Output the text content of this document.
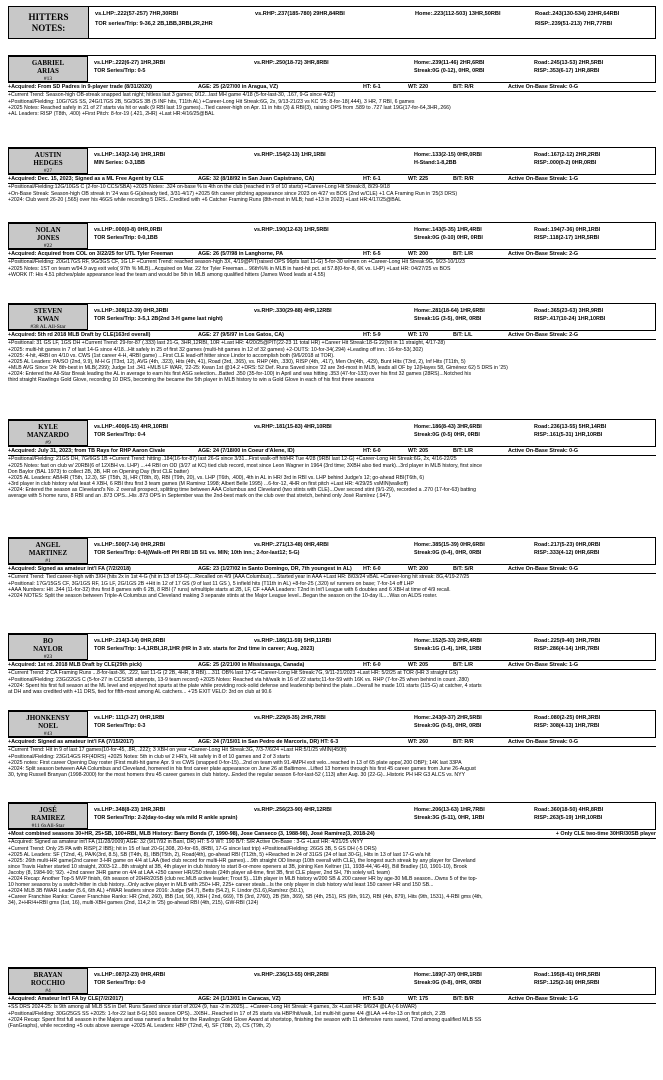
HITTERS
NOTES:
vs.LHP:.222(57-257) 7HR,30RBI	vs.RHP:.237(185-780) 29HR,84RBI	Home:.223(112-503) 13HR,50RBI	Road:.243(130-534) 23HR,64RBI
TOR series/Trip: 9-36,2 2B,1BB,3RBI,2R,2HR	RISP:.239(51-213) 7HR,77RBI
GABRIEL
ARIAS
#13
vs.LHP:.222(6-27) 1HR,3RBI	vs.RHP:.250(18-72) 3HR,8RBI	Home:.239(11-46) 2HR,6RBI	Road:.245(13-53) 2HR,5RBI
TOR Series/Trip: 0-5	Streak:0G (0-12), 0HR, 0RBI	RISP:.353(6-17) 1HR,8RBI
+Acquired: From SD Padres in 9-player trade (8/31/2020)	AGE: 25 (2/27/00 in Aragua, VZ)	HT: 6-1	WT: 220	B/T: R/R	Active On-Base Streak: 0-G
+Current Trend: Season-high OB-streak snapped last night; hitless last 3 games; 0/12...last MH game 4/18 (5-for-last-30, .167, 9-G since 4/22)
+Positional/Fielding: 10G/7GS SS, 24G/17GS 2B, 5G/3GS 3B (5 INF hits, T11th AL) +Career-Long Hit Streak:6G, 2x, 9/13-21/23 vs KC '25: 8-for-18(.444), 3 HR, 7 RBI, 6 games
+2025 Notes: Reached safely in 21 of 27 starts via hit or walk (9 RBI last 19 games)...Tied career-high on Apr. 11 in hits (3) & RBI(3), raising OPS from .589 to .727 last 19G(17-for-64,3HR,.266)
+AL Leaders: RISP (T8th, .400) +First Pitch: 8-for-19 (.421, 2HR) +Last HR:4/16/25@BAL
AUSTIN
HEDGES
#27
vs.LHP:.143(2-14) 1HR,1RBI	vs.RHP:.154(2-13) 1HR,1RBI	Home:.133(2-15) 0HR,0RBI	Road:.167(2-12) 2HR,2RBI
MIN Series: 0-3,1BB	H-Stand:1-8,2BB	RISP:.000(0-2) 0HR,0RBI
+Acquired: Dec. 15, 2023; Signed as a ML Free Agent by CLE	AGE: 32 (8/18/92 in San Juan Capistrano, CA)	HT: 6-1	WT: 225	B/T: R/R	Active On-Base Streak: 1-G
+Positional/Fielding:12G/10GS C (2-for-10 CCS/SBA) +2025 Notes: .324 on-base % is 4th on the club (reached in 9 of 10 starts) +Career-Long Hit Streak:8, 8/29-9/18
+On-Base Streak: Season-high OB streak in '24 was 6-G(already tied, 3/31-4/17) +2025 6th career pitching appearance since 2023 on 4/27 vs BOS (2nd w/CLE) +1 CA Framing Run in '25(3 DRS)
+2024: Club went 26-20 (.565) over his 46GS while recording 5 DRS...Credited with +6 Catcher Framing Runs (8th-most in MLB; had +13 in 2023) +Last HR:4/17/25@BAL
NOLAN
JONES
#22
vs.LHP:.000(0-8) 0HR,0RBI	vs.RHP:.190(12-63) 1HR,5RBI	Home:.143(5-35) 1HR,4RBI	Road:.194(7-36) 0HR,1RBI
TOR Series/Trip: 0-0,1BB	Streak:0G (0-10) 0HR, 0RBI	RISP:.118(2-17) 1HR,5RBI
+Acquired: Acquired from COL on 3/22/25 for UTL Tyler Freeman	AGE: 26 (5/7/98 in Langhorne, PA	HT: 6-5	WT: 200	B/T: L/R	Active On-Base Streak: 2-G
+Positional/Fielding: 20G/17GS RF, 9G/3GS CF, 1G LF +Current Trend: reached season-high 3X, 4/19@PIT(raised OPS 96pts last 11-G) 5-for-30 w/men on +Career-Long Hit Streak:9G, 9/23-10/1/23
+2025 Notes: 1ST on team w/94.9 avg exit velo( 97th % MLB)...Acquired on Mar. 22 for Tyler Freeman... 96th%% in MLB in hard-hit pct. at 57.8(0-for-8, 6K vs. LHP) +Last HR: 04/27/25 vs BOS
+WORK IT: His 4.51 pitches/plate appearance lead the team and would be 5th in MLB among qualified hitters (James Wood leads at 4.55)
STEVEN
KWAN
#38 AL All-Star
vs.LHP:.308(12-39) 0HR,3RBI	vs.RHP:.330(29-88) 4HR,12RBI	Home:.281(18-64) 1HR,6RBI	Road:.365(23-63) 3HR,9RBI
TOR Series/Trip: 3-5,1 2B(2nd 3-H game last night)	Streak:1G (3-5), 0HR, 0RBI	RISP:.417(10-24) 1HR,10RBI
+Acquired: 5th rd 2018 MLB Draft by CLE(163rd overall)	AGE: 27 (9/5/97 in Los Gatos, CA)	HT: 5-9	WT: 170	B/T: L/L	Active On-Base Streak: 2-G
+Positional: 31 GS LF, 1GS DH +Current Trend: 29-for-87 (.333) last 21-G, 3HR,12RBI, 10R +Last HR: 4/20/25@PIT(22-23 11 total HR) +Career Hit Streak:18-G 22(hit in 11 straight, 4/17-28)
+2025: multi-hit games in 7 of last 14-G since 4/18...Hit safely in 25 of first 32 games (multi-hit games in 12 of 32 games) +2-OUTS: 10-for-34(.294) +Leading off inn.: 16-for-53(.302)
+2025: 4-hit, 4RBI on 4/10 vs. CWS (1st career 4-H, 4RBI game) ...First CLE lead-off hitter since Lindor to accomplish both (9/6/2018 at TOR).
+2025 AL Leaders: PA/SO (2nd, 9.9), M-H G (T3rd, 12), AVG (4th, .323), Hits (4th, 41), Road (3rd, .365), vs. RHP (4th, .330), RISP (4th, .417), Men On(4th, .429), Bunt Hits (T3rd, 2), Inf Hits (T11th, 5)
+MLB AVG Since '24: 8th-best in MLB(.299); Judge 1st .341 +MLB LF WAR, '22-25: Kwan 1st @14.2 +DRS: 52 Def. Runs Saved since '22 are 3rd-most in MLB, leads all OF by 12(Hayes 58, Giménez 62) 5 DRS in '25)
+2024: Entered the All-Star Break leading the AL in average to earn his first ASG selection...Batted .350 (35-for-100) in April and was hitting .353 (47-for-133) over his first 32 games (28RS)...Notched his
third straight Rawlings Gold Glove, recording 10 DRS, becoming the became the 5th player in MLB history to win a Gold Glove in each of his first three seasons
KYLE
MANZARDO
#9
vs.LHP:.400(6-15) 4HR,10RBI	vs.RHP:.181(15-83) 4HR,10RBI	Home:.186(8-43) 3HR,6RBI	Road:.236(13-55) 5HR,14RBI
TOR Series/Trip: 0-4	Streak:0G (0-5) 0HR, 0RBI	RISP:.161(5-31) 1HR,10RBI
+Acquired: July 31, 2023; from TB Rays for RHP Aaron Civale	AGE: 24 (7/18/00 in Coeur d'Alene, ID)	HT: 6-0	WT: 205	B/T: L/R	Active On-Base Streak: 0-G
+Positional/Fielding: 21GS DH, 7G/6GS 1B +Current Trend: hitting .184(16-for-87) last 26-G since 3/31...First walk-off hit/HR Tue 4/28 (9RBI last 12-G) +Career-Long Hit Streak:6G, 2x, 4/16-22/25
+2025 Notes: fast on club w/ 20RBI(6 of 12XBH vs. LHP) ...+4 RBI on OD (3/27 at KC) tied club record, most since Leon Wagner in 1964 (3rd time; 3XBH also tied mark)...3rd player in MLB history, first since
Don Baylor (BAL 1973) to collect 2B, 3B, HR on Opening Day (first CLE batter)
+2025 AL Leaders: AB/HR (T5th, 12.3), SF (T5th, 3), HR (T8th, 8), RBI (T9th, 20), vs. LHP (T6th, .400), 4th in AL in HR/ 3rd in RBI vs. LHP behind Judge's 12; go-ahead RBI(T6th, 6)
+3rd player in club history w/at least 4 XBH, 6 RBI thru first 3 team games (M Ramirez 1998; Albert Belle 1995) ...6-for-12, 4HR on first pitch +Last HR: 4/29/25 vsMIN(walkoff)
+2024: Entered the season as Cleveland's No. 2 overall prospect, splitting time between AAA Columbus and Cleveland (two stints with CLE)...Over second stint (9/1-29), recorded a .270 (17-for-63) batting
average with 5 home runs, 8 RBI and an .873 OPS...His .873 OPS in September was the 2nd-best mark on the club over that stretch, behind only José Ramírez (.947).
ANGEL
MARTINEZ
#1
vs.LHP:.500(7-14) 0HR,2RBI	vs.RHP:.271(13-48) 0HR,4RBI	Home:.385(15-39) 0HR,6RBI	Road:.217(5-23) 0HR,0RBI
TOR Series/Trip: 0-4((Walk-off PH RBI 1B 5/1 vs. MIN; 10th inn.; 2-for-last12; 5-G)	Streak:0G (0-4), 0HR, 0RBI	RISP:.333(4-12) 0HR,6RBI
+Acquired: Signed as amateur int'l FA (7/2/2018)	AGE: 23 (1/27/02 in Santo Domingo, DR, 7th youngest in AL)	HT: 6-0	WT: 200	B/T: S/R	Active On-Base Streak: 0-G
+Current Trend: Tied career-high with 3XH (hits 2x in 1st 4-G (hit in 13 of 19-G)....Recalled on 4/9 (AAA Columbus)....Started year in AAA +Last HR: 8/03/24 vBAL +Career-long hit streak: 8G,4/19-27/25
+Positional: 17G/15GS CF, 3G/1GS RF, 1G LF, 2G/1GS 2B +Hit in 12 of 17 GS (9 of last 11 GS ), 5 infield hits (T11th in AL) +8-for-25 (.320) w/ runners on base; 7-for-14 off LHP
+AAA Numbers: Hit .344 (11-for-32) thru first 8 games with 6 2B, 8 RBI (7 runs) w/multiple starts at 2B, LF, CF +AAA Leaders: T2nd in Int'l League with 6 doubles and 6 XBH at time of 4/9 recall.
+2024 NOTES: Split the season between Triple-A Columbus and Cleveland making 3 separate stints at the Major League level...Began the season on the 10-day IL....Was on ALDS roster.
BO
NAYLOR
#23
vs.LHP:.214(3-14) 0HR,0RBI	vs.RHP:.186(11-59) 5HR,11RBI	Home:.152(5-33) 2HR,4RBI	Road:.225(9-40) 3HR,7RBI
TOR Series/Trip: 1-4,1RBI,1R,1HR (HR in 3 str. starts for 2nd time in career; Aug, 2023)	Streak:1G (1-4), 1HR, 1RBI	RISP:.286(4-14) 1HR,7RBI
+Acquired: 1st rd. 2018 MLB Draft by CLE(29th pick)	AGE: 25 (2/21/00 in Mississauga, Canada)	HT: 6-0	WT: 205	B/T: L/R	Active On-Base Streak: 1-G
+Current Trend: 2 CA Framing Runs ...8-for-last-36, .222, last 11-G (2 2B, 4HR, 8 RBI)....311 OB% last 17-G +Career-Long Hit Streak:7G, 9/11-21/2023 +Last HR: 5/2/25 at TOR (HR 3 straight GS)
+Positional/Fielding: 23G/22GS C (5-for-27 in CCS/SB attempts, 13-9 team record) +2025 Notes: Reached via hit/walk in 16 of 22 starts;11-for-59 with 16K vs. RHP (7-for-25 when behind in count .280)
+2024: Spent his first full season at the ML level and enjoyed hot spurts at the plate while providing rock-solid defense and leadership behind the plate...Overall he made 101 starts (115-G) at catcher, 4 starts
at DH and was credited with +11 DRS, tied for fifth-most among AL catchers... +'25 EXIT VELO: 3rd on club at 90.6
JHONKENSY
NOEL
#43
vs.LHP: 111(3-27) 0HR,1RBI	vs.RHP:.229(8-35) 2HR,7RBI	Home:.243(9-37) 2HR,5RBI	Road:.080(2-25) 0HR,3RBI
TOR Series/Trip: 0-3	Streak:0G (0-5), 0HR, 0RBI	RISP: 308(4-13) 1HR,7RBI
+Acquired: Signed as amateur int'l FA (7/15/2017)	AGE: 24 (7/15/01 in San Pedro de Marcoris, DR) HT: 6-3	WT: 260	B/T: R/R	Active On-Base Streak: 0-G
+Current Trend: Hit in 9 of last 17 games(10-for-45, .8R, .222); 3 XBH on year +Career-Long Hit Streak:3G, 7/3-7/6/24 +Last HR:5/1/25 vMIN(450ft)
+Positional/Fielding: 23G/14GS RF(4DRS) +2025 Notes: 5th in club w/ 2 HR's, Hit safely in 8 of 10 games and 2 of 3 starts
+2025 notes: First career Opening Day roster (First multi-hit game Apr. 9 vs CWS (snapped 0-for-15)...2nd on team with 91.4MPH exit velo...reached in 13 of 65 plate apps(.200 OBP); 14K last 33PA
+2024: Split season between AAA Columbus and Cleveland, homered in his first career plate appearance on June 26 at Baltimore...Lifted 13 homers through his first 45 career games from June 26-August
30, tying Russell Branyan (1998-2000) for the most homers thru 45 career games in club history...Ended the regular season 6-for-last-52 (.113) after Aug. 30 (22-G)...Historic PH HR G3 ALCS vs. NYY
JOSÉ
RAMIREZ
#11 6xAll-Star
vs.LHP:.348(8-23) 1HR,3RBI	vs.RHP:.256(23-90) 4HR,12RBI	Home:.206(13-63) 1HR,7RBI	Road:.360(18-50) 4HR,8RBI
TOR Series/Trip: 2-2(day-to-day w/a mild R ankle sprain)	Streak:3G (5-11), 0HR, 1RBI	RISP:.263(5-19) 1HR,10RBI
+Most combined seasons 30+HR, 25+SB, 100+RBI, MLB History: Barry Bonds (7, 1990-98), Jose Canseco (3, 1988-98), José Ramírez(3, 2018-24)	+ Only CLE two-time 30HR/30SB player
+Acquired: Signed as amateur int'l FA (11/28/2009) AGE: 32 (9/17/92 in Baní, DR) HT: 5-9 WT: 190 B/T: S/R Active On-Base : 3-G +Last HR: 4/21/25 vNYY
+Current Trend: Only 25 PA with RISP(.2 IBB); hit in 15 of last 20-G(.308, 20-for-65, 8RBI, 17-G since last trip) +Positional/Fielding: 26GS 3B, 5 GS DH (-5 DRS)
+2025 AL Leaders: SF (T2nd, 4), PA/K(3rd, 8.5), SB (T4th, 8), IBB(T5th, 2), Road(4th), go-ahead RBI (T12th, 5) +Reached in 24 of 31GS (24 of last 30-G), Hits in 13 of last 17-G w/a hit
+2025: 26th multi-HR game(2nd career 3-HR game on 4/4 at LAA (tied club record for multi-HR games)....9th straight OD lineup (10th overall with CLE), the longest such streak by any player for Cleveland
since Travis Hafner started 10 straight, 2003-12...8th straight at 3B, 4th player in club history to start 8-or-more openers at 3B, joining Ken Keltner (11, 1938-44,'46-49), Bill Bradley (10, 1901-10), Brook
Jacoby (8, 1984-90; '92). +2nd career 3HR game on 4/4 at LAA +250 career HR/250 steals (24th player all-time, first 3B, first CLE player, 2nd SH, 7th solely w/1 team)
+2024 Recap: Another Top-5 MVP finish, 6th season of 20HR/20SB (club rec.MLB active leader; Trout 5)...11th player in MLB history w/200 SB & 200 career HR by age-30 MLB season...Owns 5 of the top-
10 homer seasons by a switch-hitter in club history...Only active player in MLB with 250+ HR, 225+ career steals...Is the only player in club history w/at least 150 career HR and 150 SB...
+2024 MLB 3B fWAR Leader (5.6, 6th AL) +fWAR leaders since 2016: Judge (54.7), Betts (54.2), F. Lindor (51.6),Ramírez (50.1),
+Career Franchise Ranks: Career Franchise Ranks: HR (2nd, 260), IBB (1st, 90), XBH ( 2nd, 669), TB (3rd, 2760), 2B (5th, 369), SB (4th, 251), RS (6th, 912), RBI (4th, 879), Hits (9th, 1531), 4-RBI gms (4th,
34), 2+HR/4+RBI gms (1st, 16), multi-XBH games (2nd, 114,2 in '25) go-ahead RBI (4th, 215), GW-RBI (124)
BRAYAN
ROCCHIO
#4
vs.LHP:.087(2-23) 0HR,4RBI	vs.RHP:.236(13-55) 0HR,2RBI	Home:.189(7-37) 0HR,1RBI	Road:.195(8-41) 0HR,5RBI
TOR Series/Trip: 0-0	Streak:0G (0-8), 0HR, 0RBI	RISP:.125(2-16) 0HR,5RBI
+Acquired: Amateur Int'l FA by CLE(7/2/2017)	AGE: 24 (1/13/01 in Caracas, VZ)	HT: 5-10	WT: 175	B/T: B/R	Active On-Base Streak: 1-G
+SS DRS 2024-25: Is 9th among all MLB SS in Def. Runs Saved since start of 2024 (9, has -2 in 2025)... +Career-Long Hit Streak: 4 games, 3x +Last HR: 9/6/24 @LA (-6 bWAR)
+Positional/Fielding: 30G/25GS SS +2025: 1-for-22 last 8-G(.501 season OPS)...3XBH...Reached in 17 of 25 starts via HBP/hit/walk, 1st multi-hit game 4/4 @LAA +4-for-13 on first pitch, 2 2B
+2024 Recap: Spent first full season in the Majors and was named a finalist for the Rawlings Gold Glove Award at shortstop, finishing the season with 11 defensive runs saved, T2nd among qualified MLB SS
(FanGraphs), while recording +5 outs above average +2025 AL Leaders: HBP (T2nd, 4), SF (T8th, 2), CS (T9th, 2)
